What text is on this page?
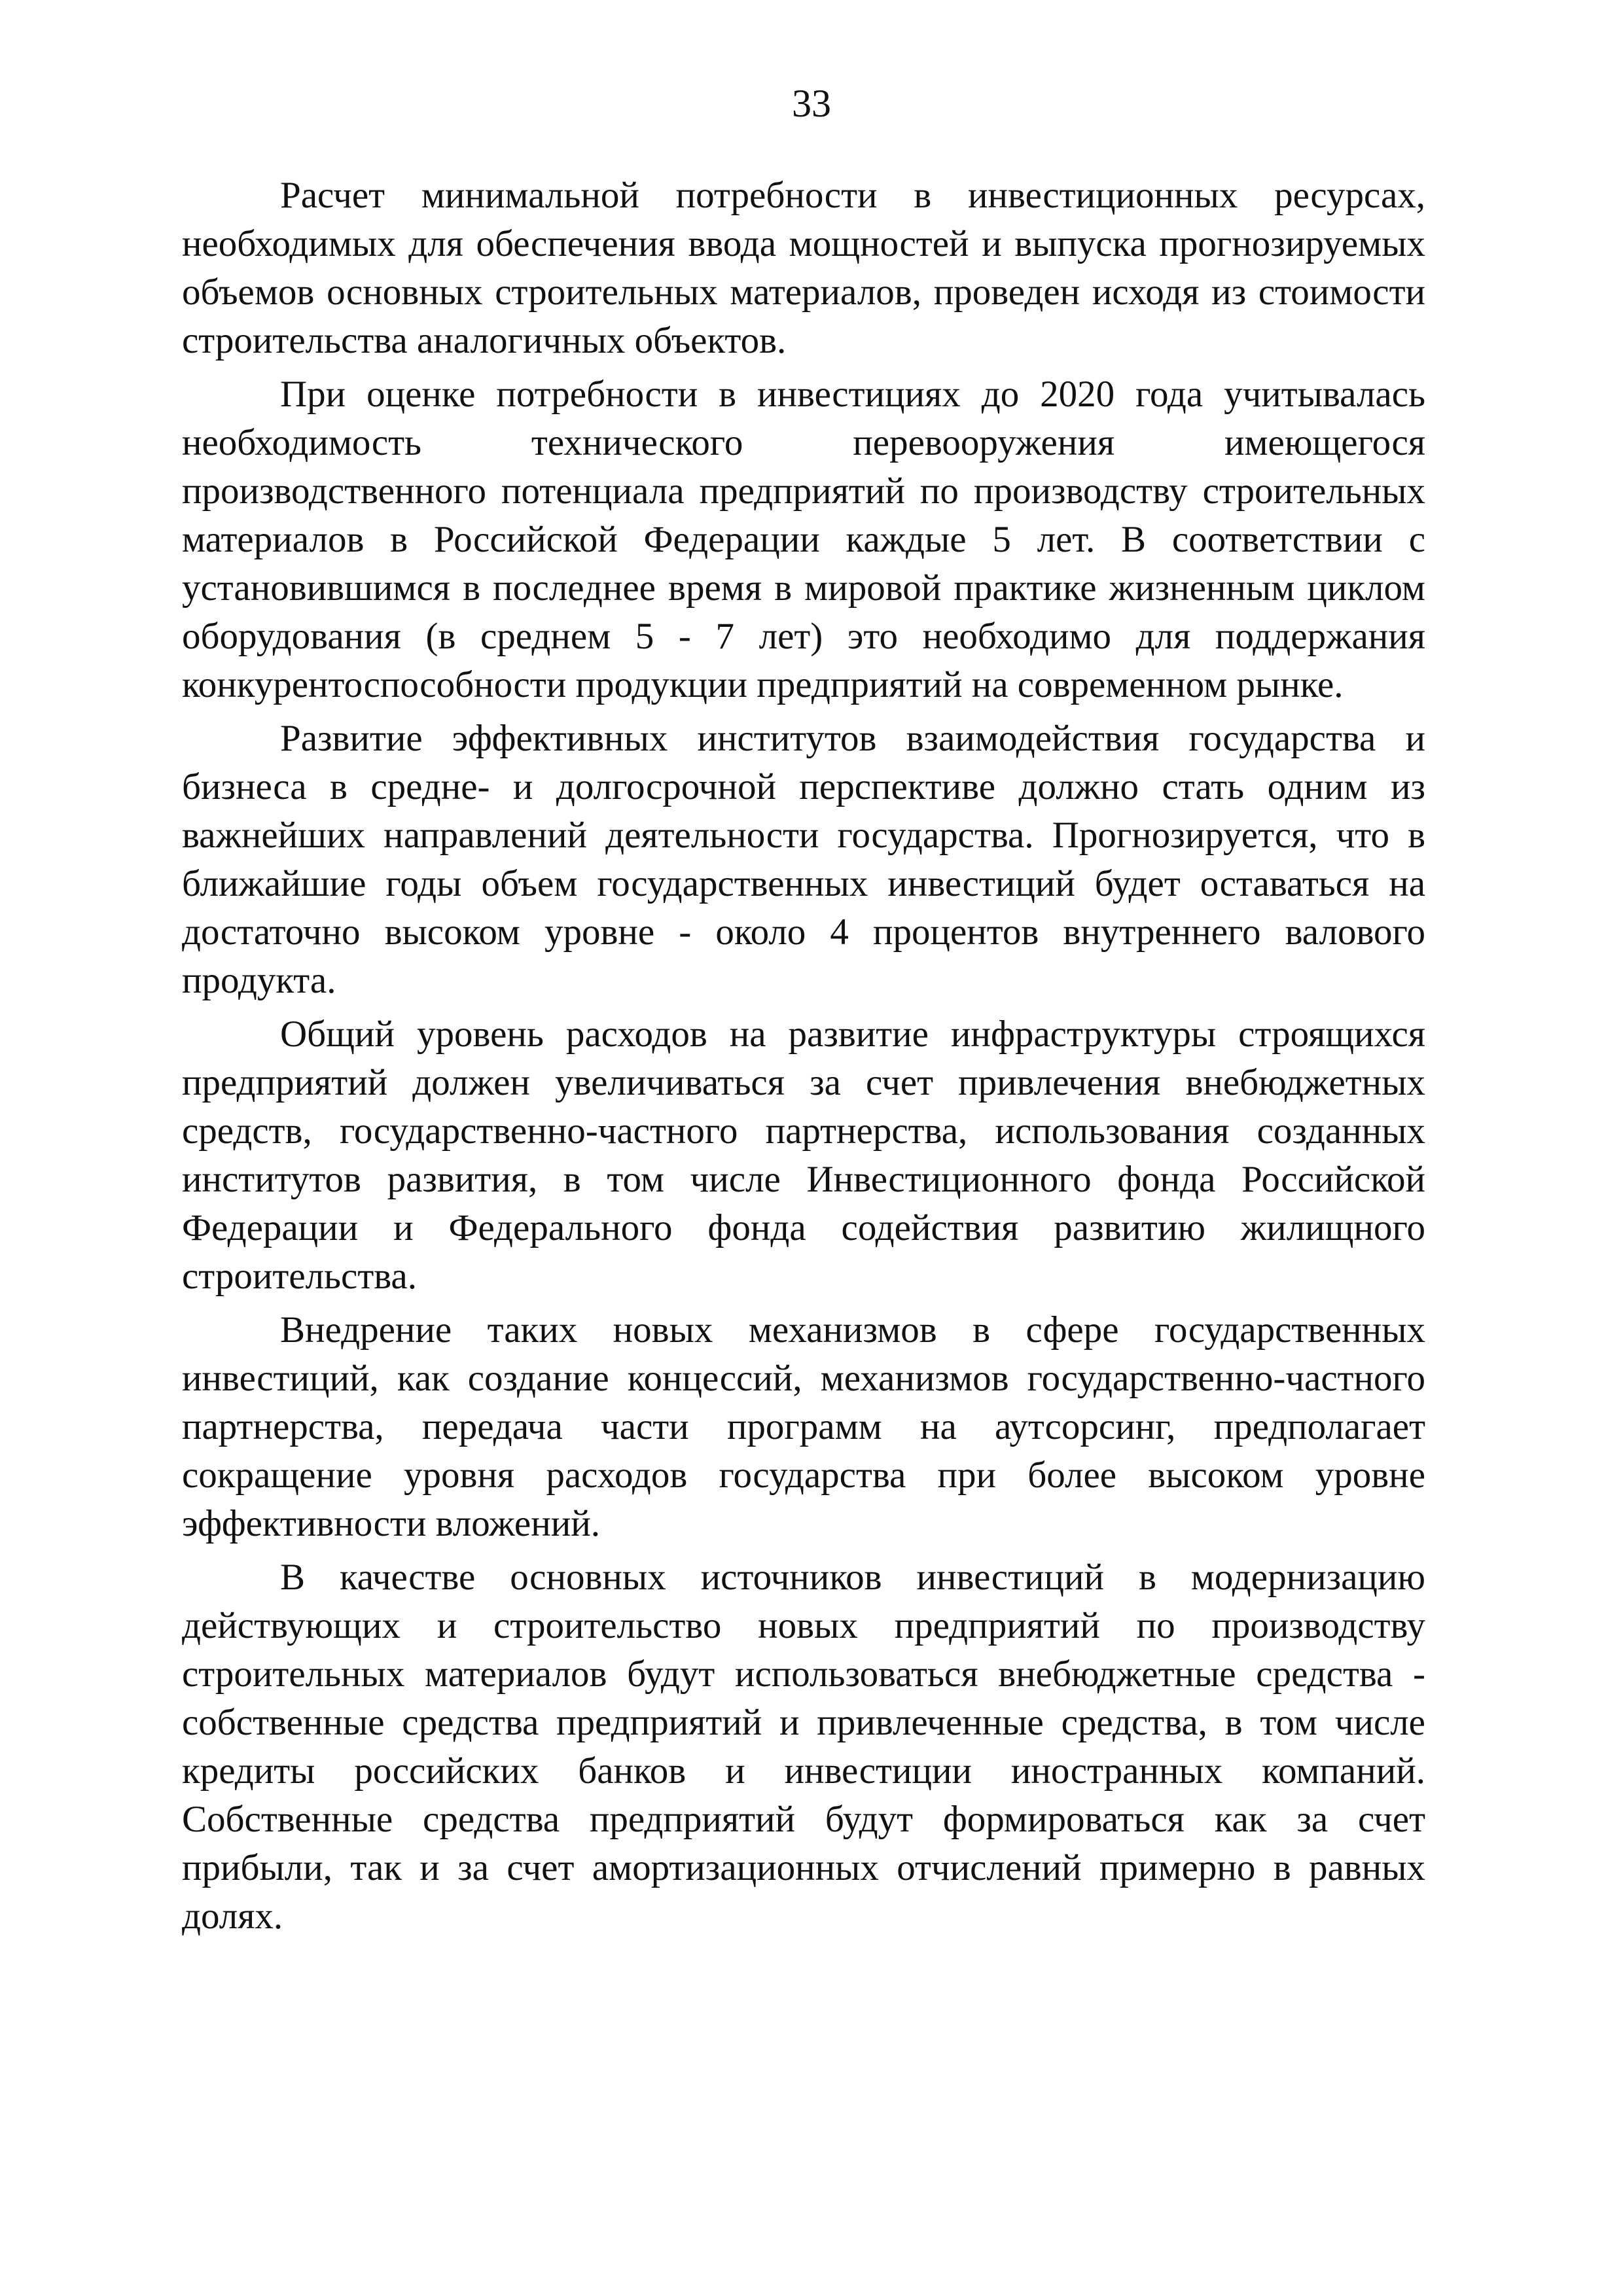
33

Расчет минимальной потребности в инвестиционных ресурсах, необходимых для обеспечения ввода мощностей и выпуска прогнозируемых объемов основных строительных материалов, проведен исходя из стоимости строительства аналогичных объектов.

При оценке потребности в инвестициях до 2020 года учитывалась необходимость технического перевооружения имеющегося производственного потенциала предприятий по производству строительных материалов в Российской Федерации каждые 5 лет. В соответствии с установившимся в последнее время в мировой практике жизненным циклом оборудования (в среднем 5 - 7 лет) это необходимо для поддержания конкурентоспособности продукции предприятий на современном рынке.

Развитие эффективных институтов взаимодействия государства и бизнеса в средне- и долгосрочной перспективе должно стать одним из важнейших направлений деятельности государства. Прогнозируется, что в ближайшие годы объем государственных инвестиций будет оставаться на достаточно высоком уровне - около 4 процентов внутреннего валового продукта.

Общий уровень расходов на развитие инфраструктуры строящихся предприятий должен увеличиваться за счет привлечения внебюджетных средств, государственно-частного партнерства, использования созданных институтов развития, в том числе Инвестиционного фонда Российской Федерации и Федерального фонда содействия развитию жилищного строительства.

Внедрение таких новых механизмов в сфере государственных инвестиций, как создание концессий, механизмов государственно-частного партнерства, передача части программ на аутсорсинг, предполагает сокращение уровня расходов государства при более высоком уровне эффективности вложений.

В качестве основных источников инвестиций в модернизацию действующих и строительство новых предприятий по производству строительных материалов будут использоваться внебюджетные средства - собственные средства предприятий и привлеченные средства, в том числе кредиты российских банков и инвестиции иностранных компаний. Собственные средства предприятий будут формироваться как за счет прибыли, так и за счет амортизационных отчислений примерно в равных долях.
